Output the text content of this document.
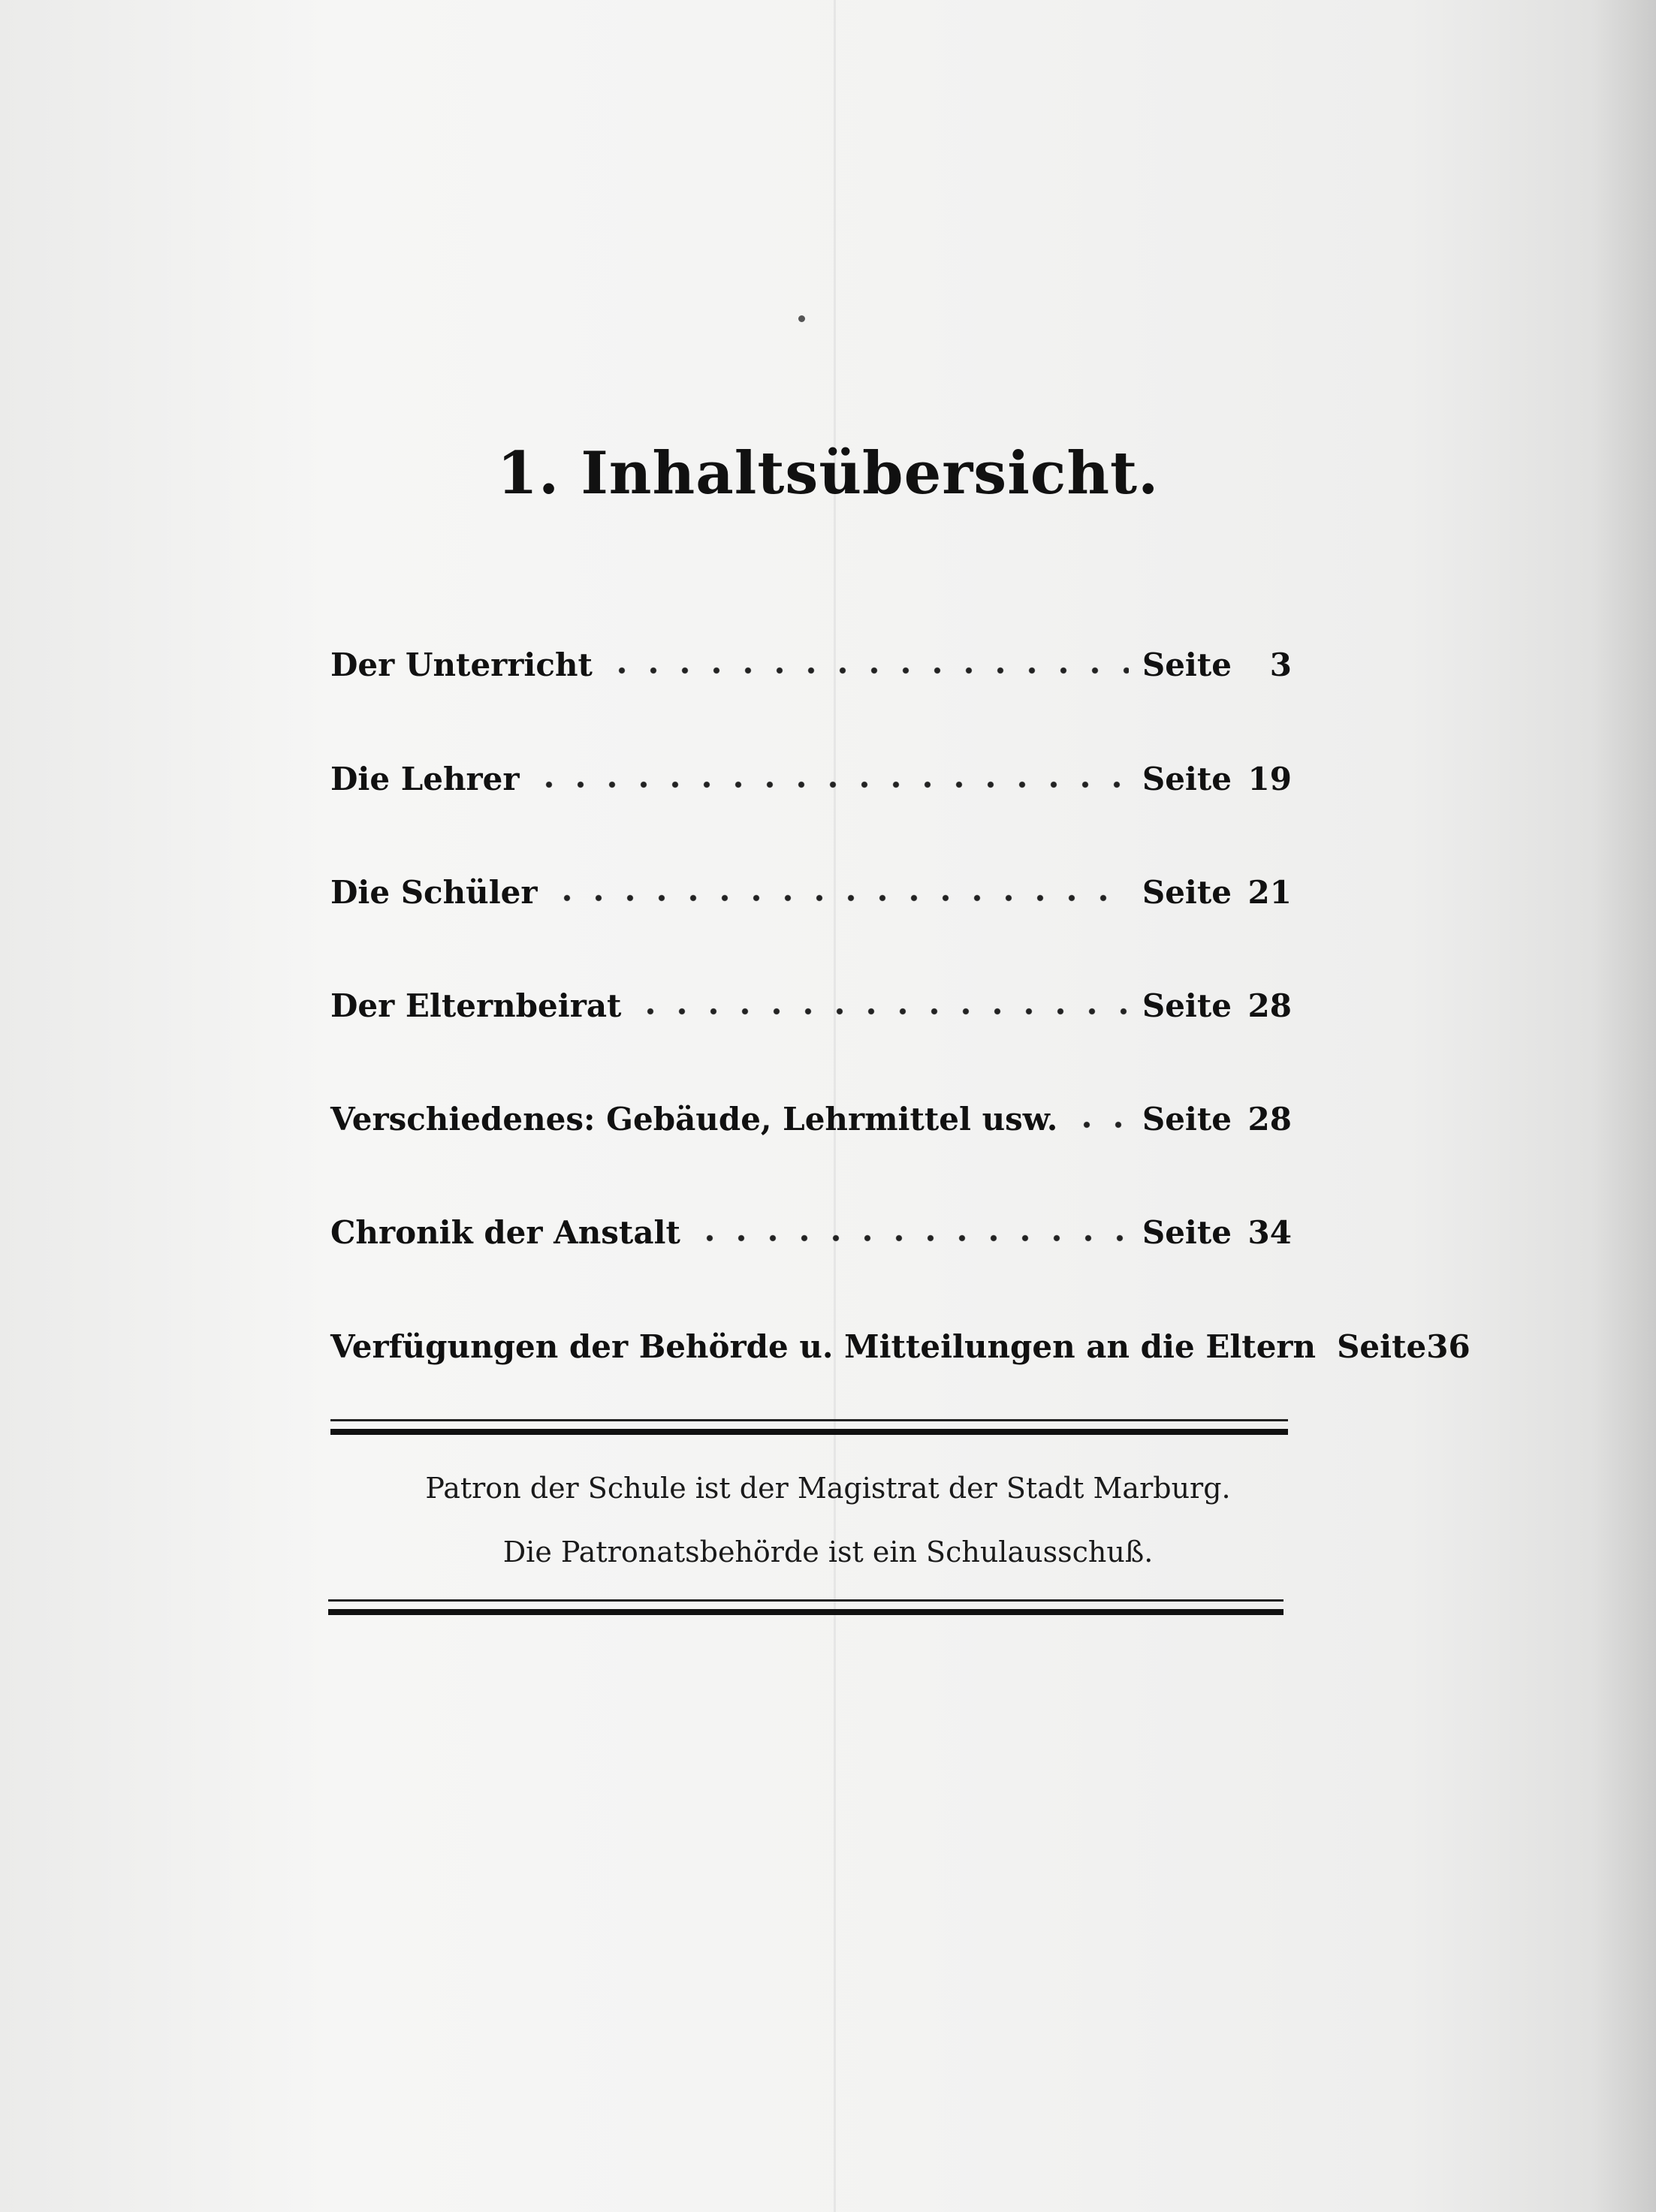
1. Inhaltsübersicht.
Der Unterricht	Seite	3
Die Lehrer	Seite 19
Die Schüler	Seite 21
Der Elternbeirat	Seite 28
Verschiedenes: Gebäude, Lehrmittel usw.	Seite 28
Chronik der Anstalt	Seite 34
Verfügungen der Behörde u. Mitteilungen an die Eltern Seite 36
Patron der Schule ist der Magistrat der Stadt Marburg.
Die Patronatsbehörde ist ein Schulausschuß.
